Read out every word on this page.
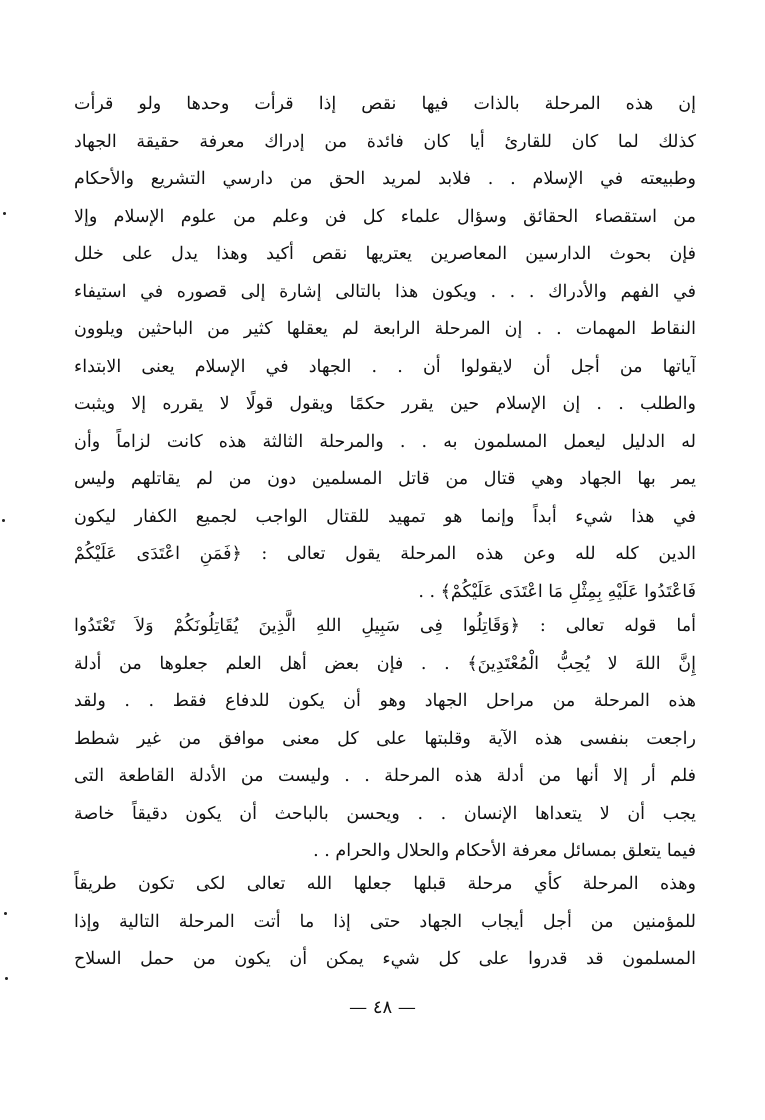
إن هذه المرحلة بالذات فيها نقص إذا قرأت وحدها ولو قرأت
كذلك لما كان للقارئ أيا كان فائدة من إدراك معرفة حقيقة الجهاد
وطبيعته في الإسلام . . فلابد لمريد الحق من دارسي التشريع والأحكام
من استقصاء الحقائق وسؤال علماء كل فن وعلم من علوم الإسلام وإلا
فإن بحوث الدارسين المعاصرين يعتريها نقص أكيد وهذا يدل على خلل
في الفهم والأدراك . . . ويكون هذا بالتالى إشارة إلى قصوره في استيفاء
النقاط المهمات . . إن المرحلة الرابعة لم يعقلها كثير من الباحثين ويلوون
آياتها من أجل أن لايقولوا أن . . الجهاد في الإسلام يعنى الابتداء
والطلب . . إن الإسلام حين يقرر حكمًا ويقول قولًا لا يقرره إلا ويثبت
له الدليل ليعمل المسلمون به . . والمرحلة الثالثة هذه كانت لزاماً وأن
يمر بها الجهاد وهي قتال من قاتل المسلمين دون من لم يقاتلهم وليس
في هذا شيء أبداً وإنما هو تمهيد للقتال الواجب لجميع الكفار ليكون
الدين كله لله وعن هذه المرحلة يقول تعالى : ﴿فَمَنِ اعْتَدَى عَلَيْكُمْ
فَاعْتَدُوا عَلَيْهِ بِمِثْلِ مَا اعْتَدَى عَلَيْكُمْ﴾ . .
أما قوله تعالى : ﴿وَقَاتِلُوا فِى سَبِيلِ اللهِ الَّذِينَ يُقَاتِلُونَكُمْ وَلاَ تَعْتَدُوا
إِنَّ اللهَ لا يُحِبُّ الْمُعْتَدِينَ﴾ . . فإن بعض أهل العلم جعلوها من أدلة
هذه المرحلة من مراحل الجهاد وهو أن يكون للدفاع فقط . . ولقد
راجعت بنفسى هذه الآية وقلبتها على كل معنى موافق من غير شطط
فلم أر إلا أنها من أدلة هذه المرحلة . . وليست من الأدلة القاطعة التى
يجب أن لا يتعداها الإنسان . . ويحسن بالباحث أن يكون دقيقاً خاصة
فيما يتعلق بمسائل معرفة الأحكام والحلال والحرام . .
وهذه المرحلة كأي مرحلة قبلها جعلها الله تعالى لكى تكون طريقاً
للمؤمنين من أجل أيجاب الجهاد حتى إذا ما أتت المرحلة التالية وإذا
المسلمون قد قدروا على كل شيء يمكن أن يكون من حمل السلاح
— ٤٨ —
